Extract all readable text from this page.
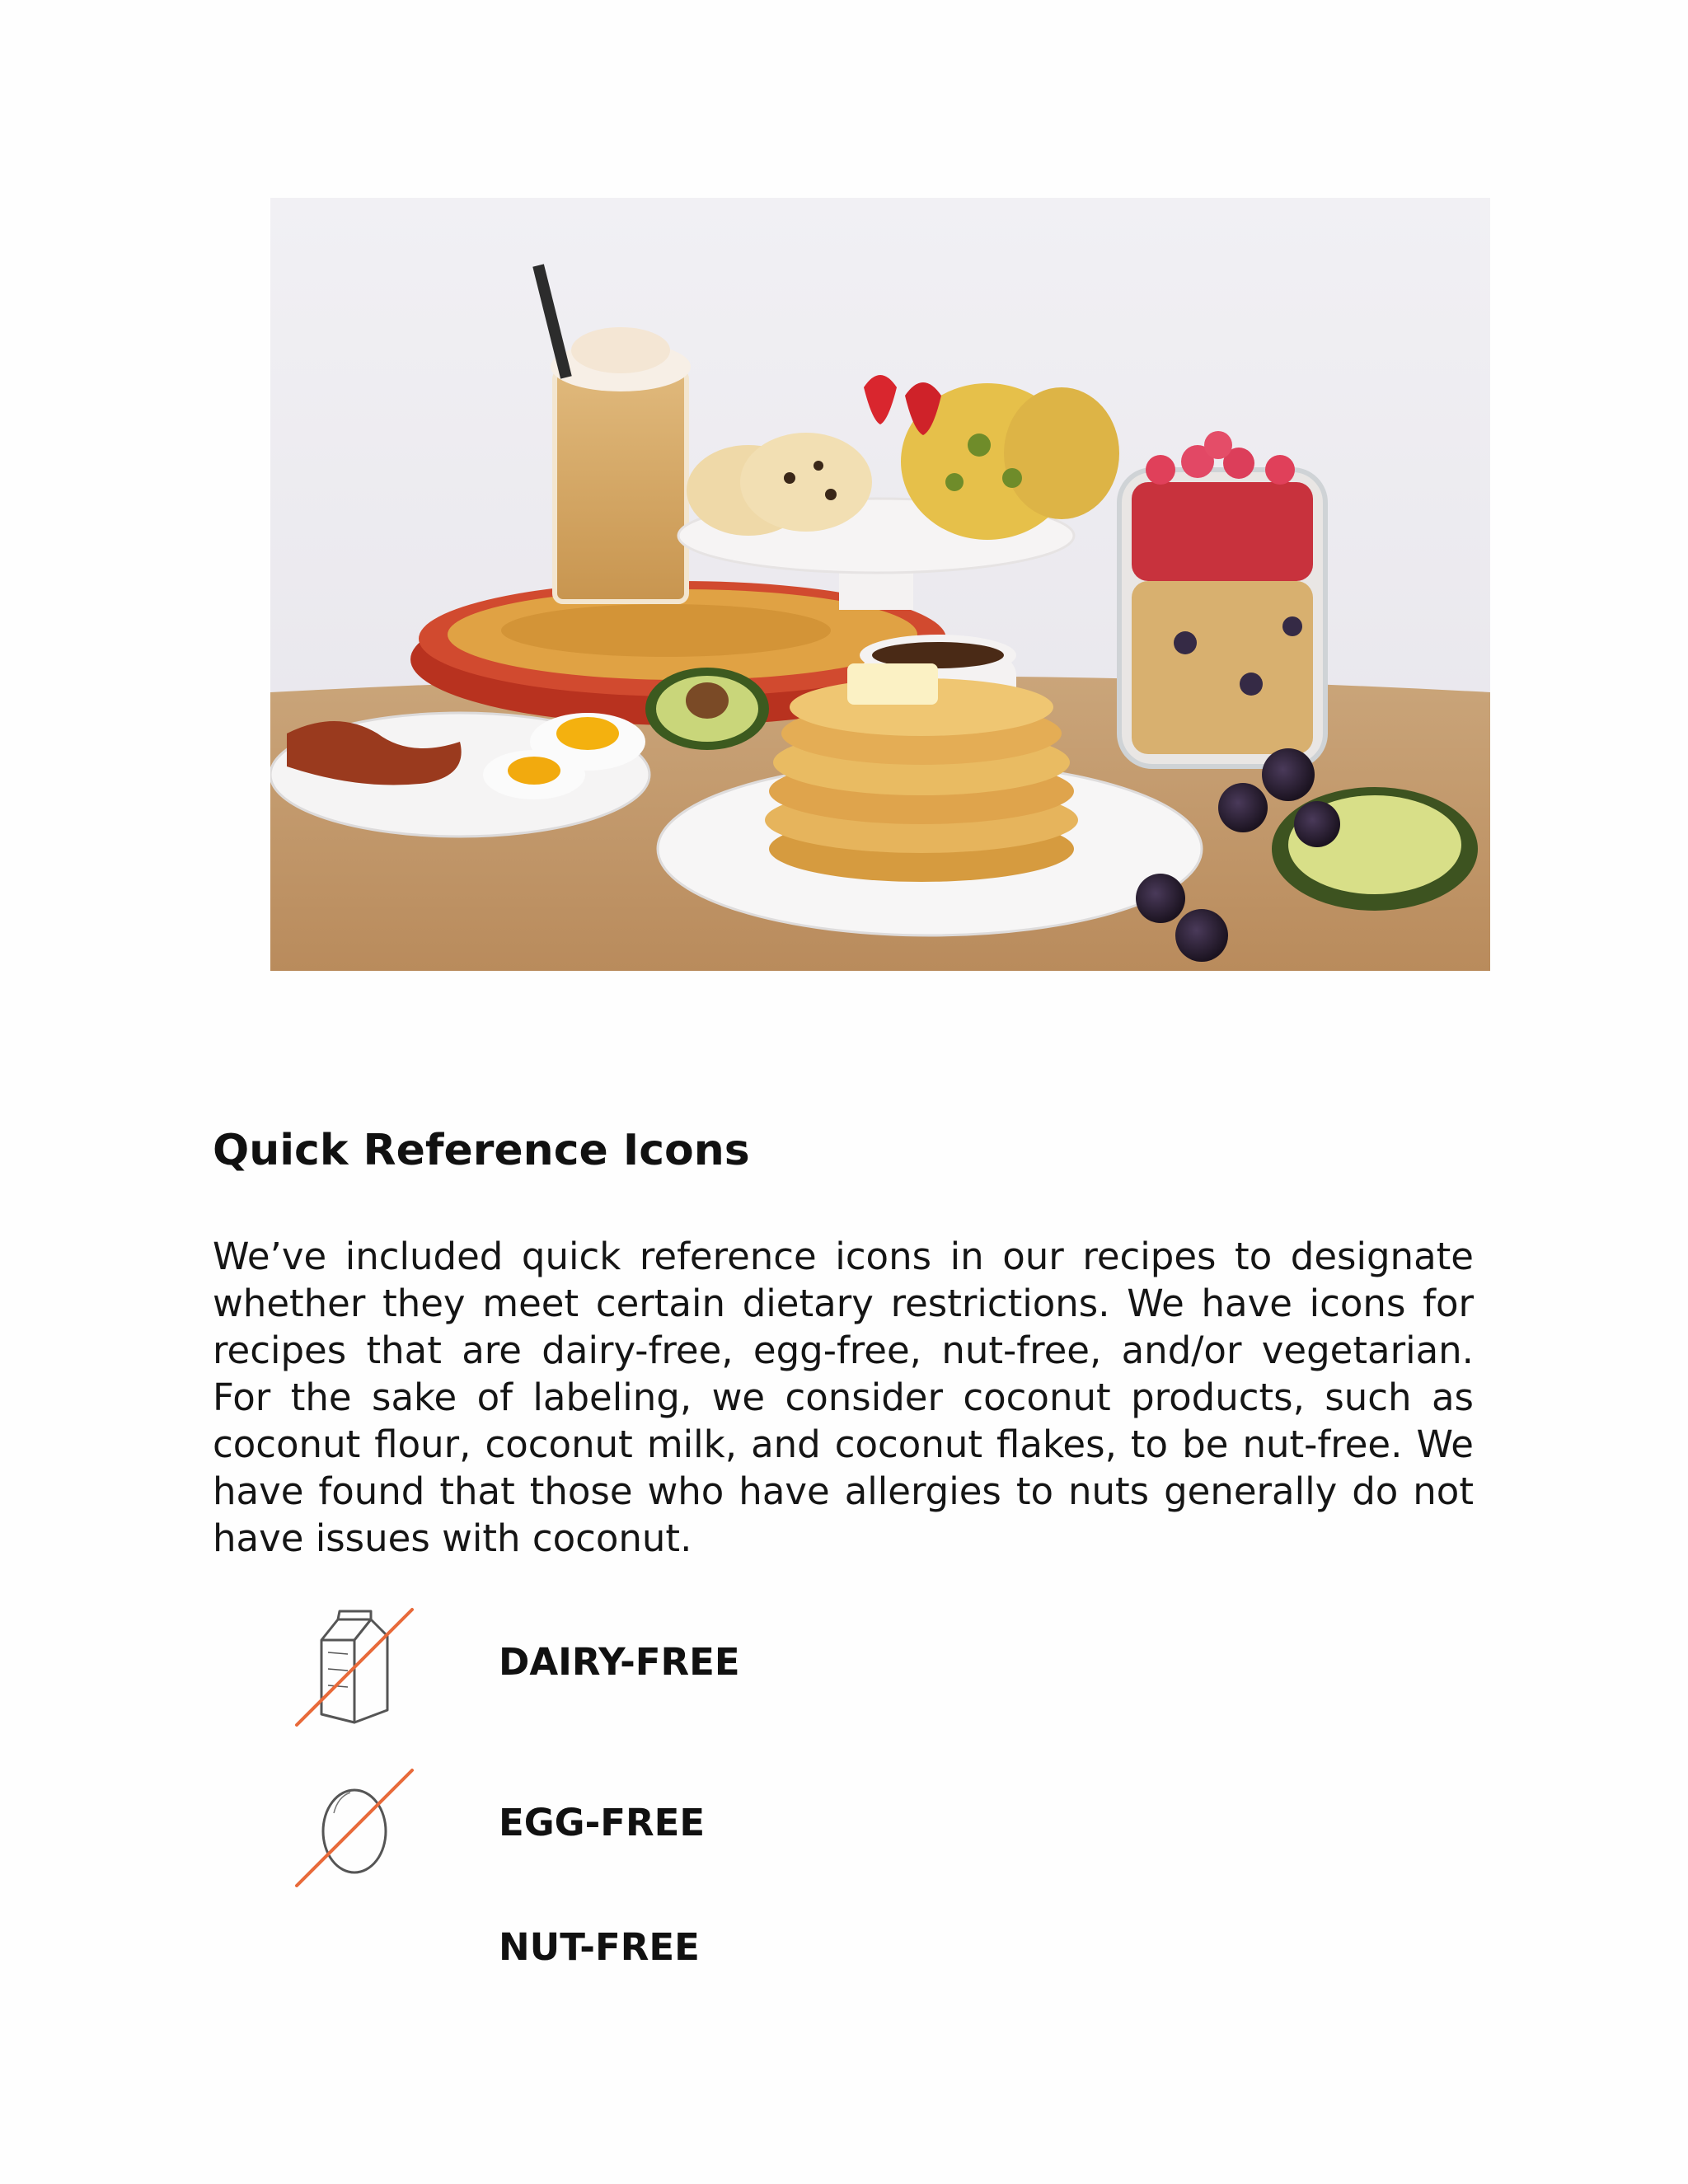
Quick Reference Icons

We’ve included quick reference icons in our recipes to designate whether they meet certain dietary restrictions. We have icons for recipes that are dairy-free, egg-free, nut-free, and/or vegetarian. For the sake of labeling, we consider coconut products, such as coconut flour, coconut milk, and coconut flakes, to be nut-free. We have found that those who have allergies to nuts generally do not have issues with coconut.

DAIRY-FREE
EGG-FREE
NUT-FREE
